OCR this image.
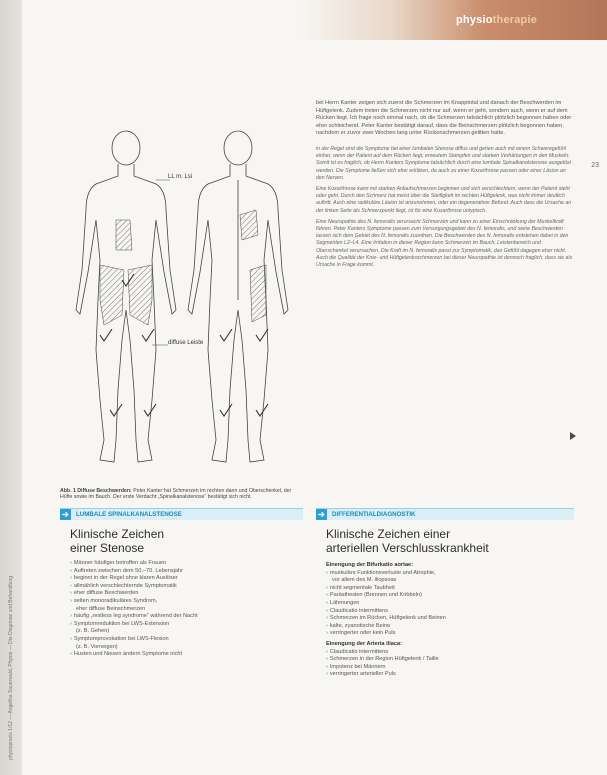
physiotherapie
23
physiopraxis 1/12 — Angelika Sauerwald, Physio — Die Diagnose und Behandlung
LL m. Lsi
diffuse Leiste
Abb. 1 Diffuse Beschwerden: Peter Kanter hat Schmerzen im rechten dann und Oberschenkel, der Hüfte sowie im Bauch. Der erste Verdacht „Spinalkanalstenose“ bestätigt sich nicht.

bei Herrn Kanter zeigen sich zuerst die Schmerzen im Knapptotal und danach der Beschwerden im Hüftgelenk. Zudem treten die Schmerzen nicht nur auf, wenn er geht, sondern auch, wenn er auf dem Rücken liegt. Ich frage noch einmal nach, ob die Schmerzen tatsächlich plötzlich begonnen haben oder eher schleichend. Peter Kanter bestätigt darauf, dass die Beinschmerzen plötzlich begonnen haben, nachdem er zuvor zwei Wochen lang unter Rückenschmerzen gelitten hatte.

in der Regel sind die Symptome bei einer lumbalen Stenose diffus und gehen auch mit einem Schweregefühl einher, wenn der Patient auf dem Rücken liegt, erneutem Stampfen und starken Verhärtungen in den Muskeln. Somit ist es fraglich, ob Herrn Kanters Symptome tatsächlich durch eine lumbale Spinalkanalstenose ausgelöst werden. Die Symptome ließen sich eher erklären, da auch zu einer Koxarthrose passen oder einer Läsion an den Nerven.

Eine Koxarthrose kann mit starken Anlaufschmerzen beginnen und sich verschlechtern, wenn der Patient steht oder geht. Durch den Schmerz hat meist über die Steifigkeit im rechten Hüftgelenk, was nicht immer deutlich auftritt. Auch eine radikuläre Läsion ist anzunehmen, oder ein degenerativer Befund. Auch dass die Ursache an der linken Seite als Schmerzpunkt liegt, ist für eine Koxarthrose untypisch.

Eine Neuropathie des N. femoralis verursacht Schmerzen und kann zu einer Einschränkung der Muskelkraft führen. Peter Kanters Symptome passen zum Versorgungsgebiet des N. femoralis, und seine Beschwerden lassen sich dem Gebiet des N. femoralis zuordnen. Die Beschwerden des N. femoralis entstehen dabei in den Segmenten L2–L4. Eine Irritation in dieser Region kann Schmerzen im Bauch, Leistenbereich und Oberschenkel verursachen. Die Kraft im N. femoralis passt zur Symptomatik, das Gefühl dagegen eher nicht. Auch die Qualität der Knie- und Hüftgelenksschmerzen bei dieser Neuropathie ist dennoch fraglich, dass sie als Ursache in Frage kommt.

➔ LUMBALE SPINALKANALSTENOSE
Klinische Zeichen
einer Stenose
› Männer häufiger betroffen als Frauen
› Auftreten zwischen dem 50.–70. Lebensjahr
› beginnt in der Regel ohne klaren Auslöser
› allmählich verschlechternde Symptomatik
› eher diffuse Beschwerden
› selten monoradikuläres Syndrom,
eher diffuse Beinschmerzen
› häufig „restless leg syndrome“ während der Nacht
› Symptomreduktion bei LWS-Extension
(z. B. Gehen)
› Symptomprovokation bei LWS-Flexion
(z. B. Vorneigen)
› Husten und Niesen ändern Symptome nicht
➔ DIFFERENTIALDIAGNOSTIK
Klinische Zeichen einer
arteriellen Verschlusskrankheit
Einengung der Bifurkatio aortae:
› muskuläre Funktionsverluste und Atrophie,
vor allem des M. iliopsoas
› nicht segmentale Taubheit
› Parästhesien (Brennen und Kribbeln)
› Lähmungen
› Claudicatio intermittens
› Schmerzen im Rücken, Hüftgelenk und Beinen
› kalte, zyanotische Beine
› verringerter oder kein Puls
Einengung der Arteria iliaca:
› Claudicatio intermittens
› Schmerzen in der Region Hüftgelenk / Taille
› Impotenz bei Männern
› verringerter arterieller Puls
